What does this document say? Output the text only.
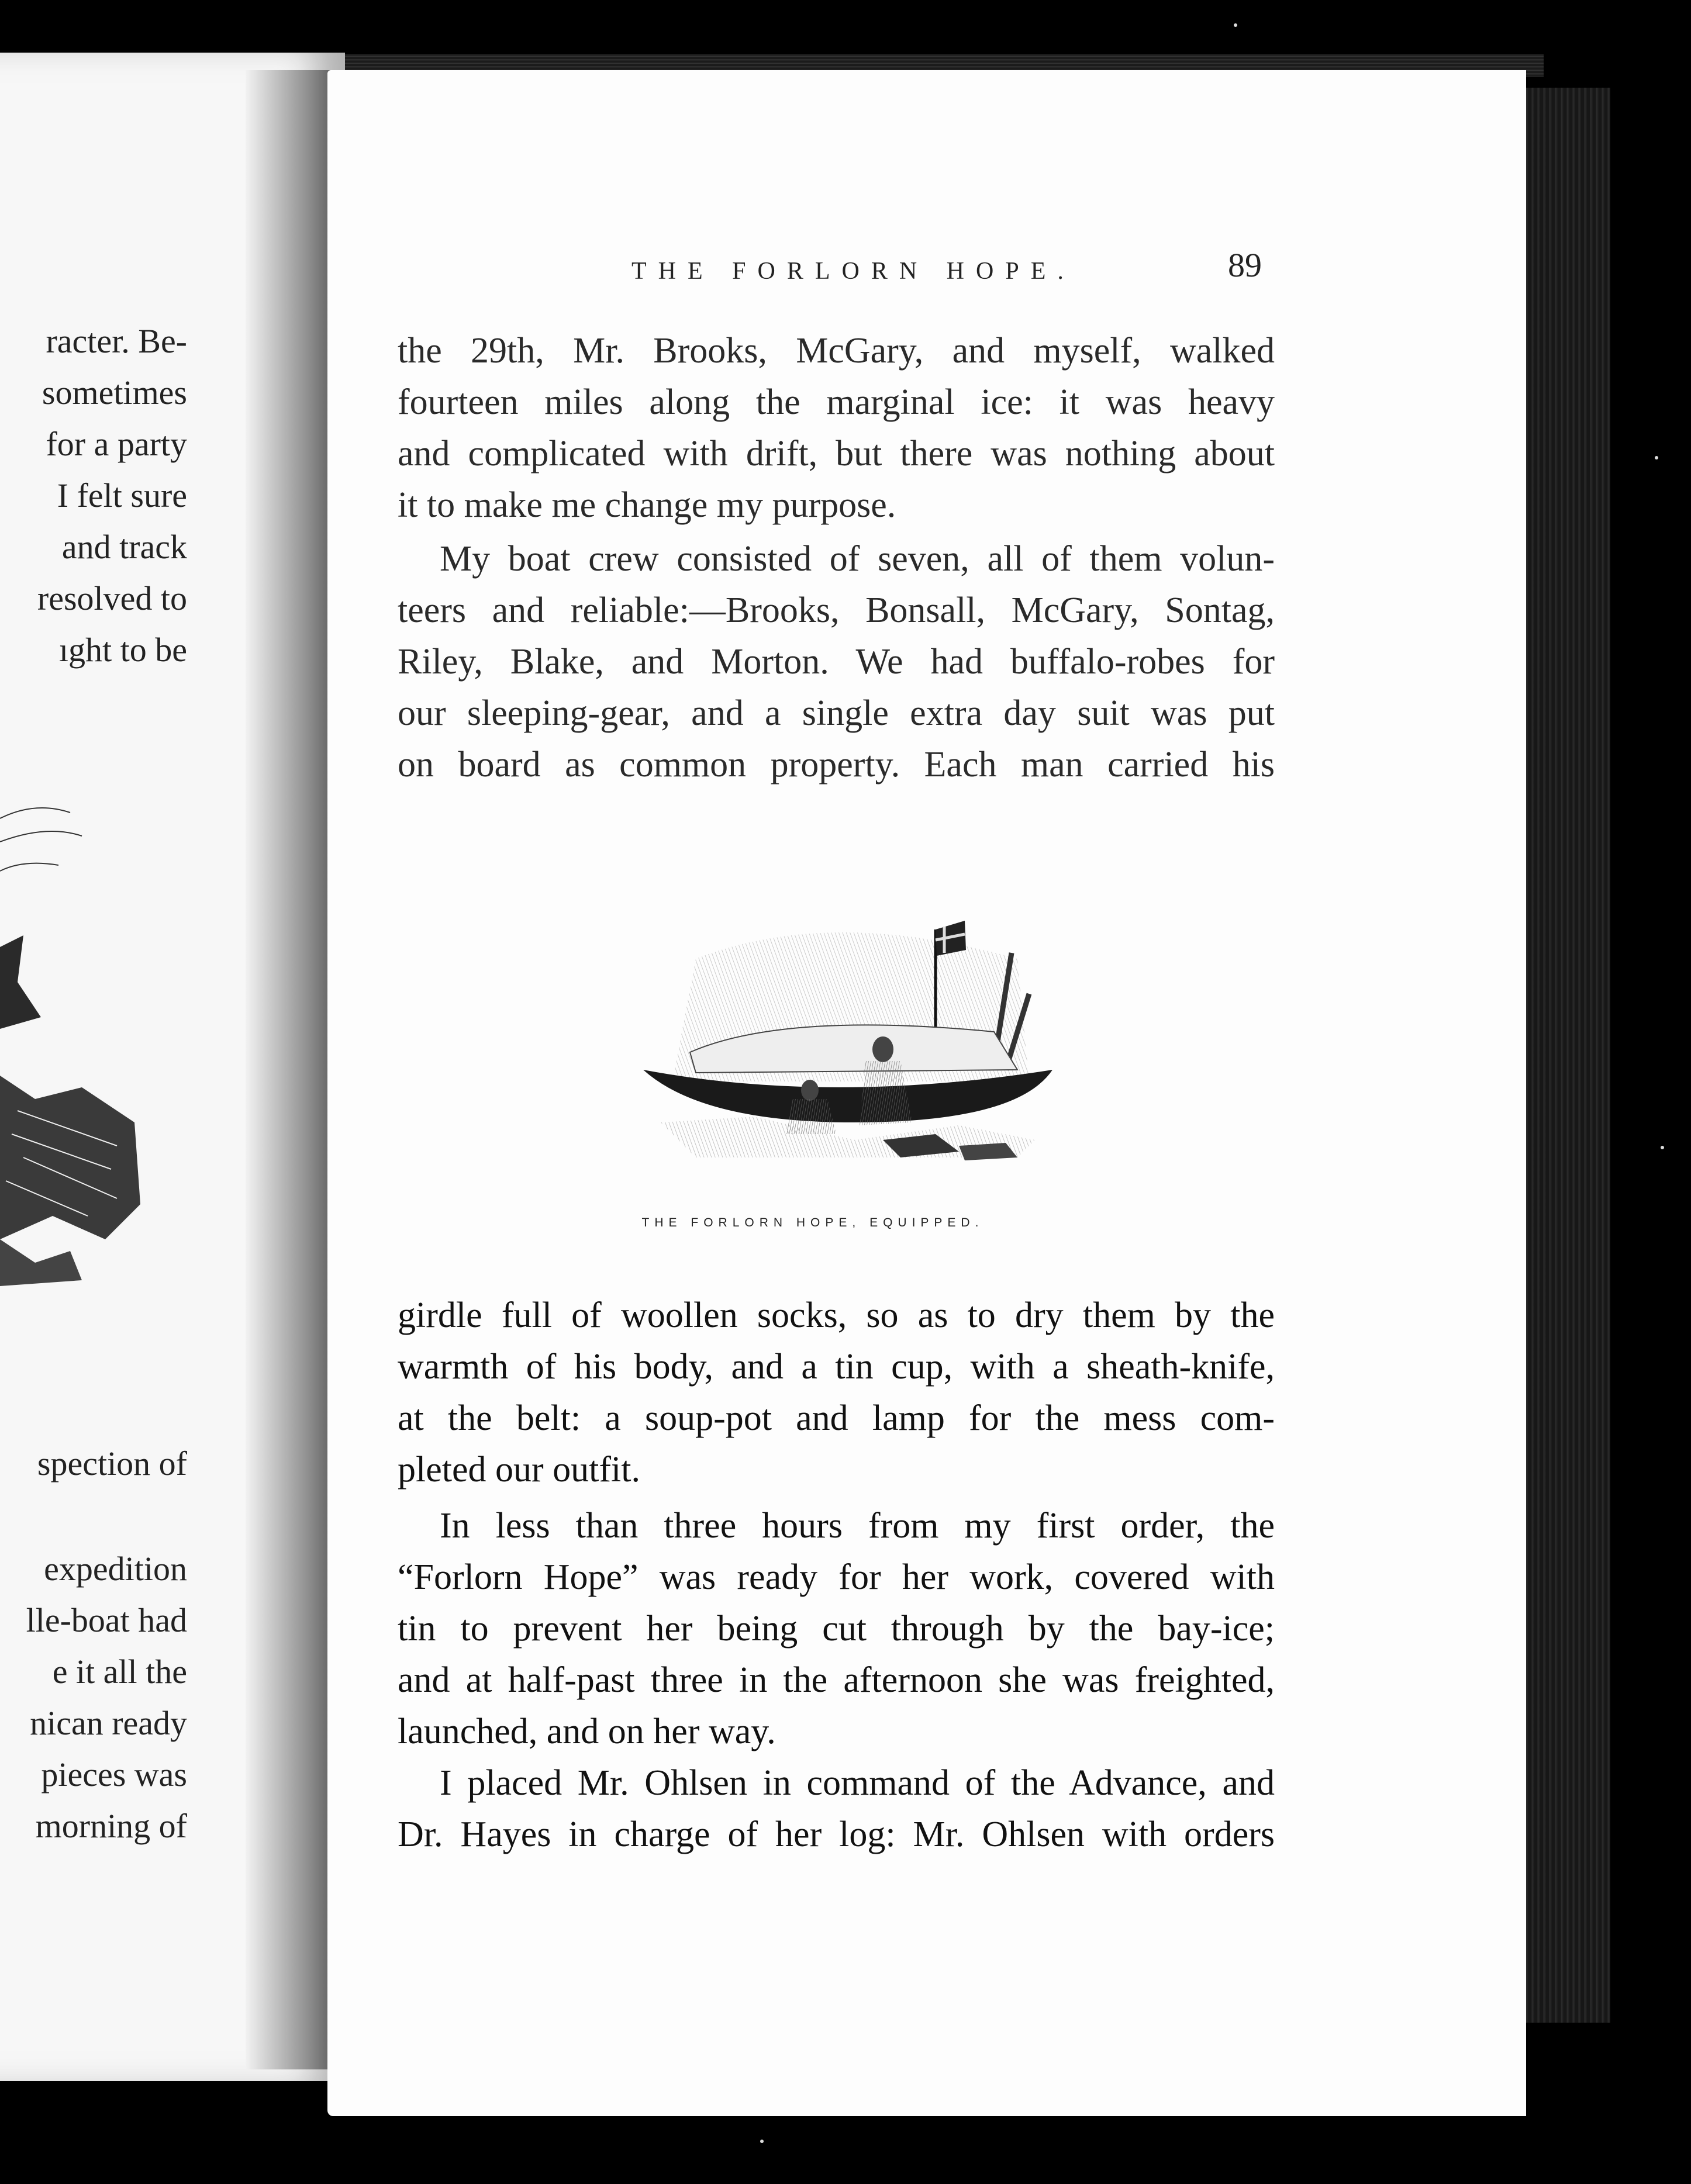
racter. Be-
sometimes
for a party
I felt sure
and track
resolved to
ıght to be
spection of
expedition
lle-boat had
e it all the
nican ready
pieces was
morning of
THE FORLORN HOPE.	89
the 29th, Mr. Brooks, McGary, and myself, walked
fourteen miles along the marginal ice: it was heavy
and complicated with drift, but there was nothing about
it to make me change my purpose.
My boat crew consisted of seven, all of them volun-
teers and reliable:—Brooks, Bonsall, McGary, Sontag,
Riley, Blake, and Morton. We had buffalo-robes for
our sleeping-gear, and a single extra day suit was put
on board as common property. Each man carried his
THE FORLORN HOPE, EQUIPPED.
girdle full of woollen socks, so as to dry them by the
warmth of his body, and a tin cup, with a sheath-knife,
at the belt: a soup-pot and lamp for the mess com-
pleted our outfit.
In less than three hours from my first order, the
“Forlorn Hope” was ready for her work, covered with
tin to prevent her being cut through by the bay-ice;
and at half-past three in the afternoon she was freighted,
launched, and on her way.
I placed Mr. Ohlsen in command of the Advance, and
Dr. Hayes in charge of her log: Mr. Ohlsen with orders
